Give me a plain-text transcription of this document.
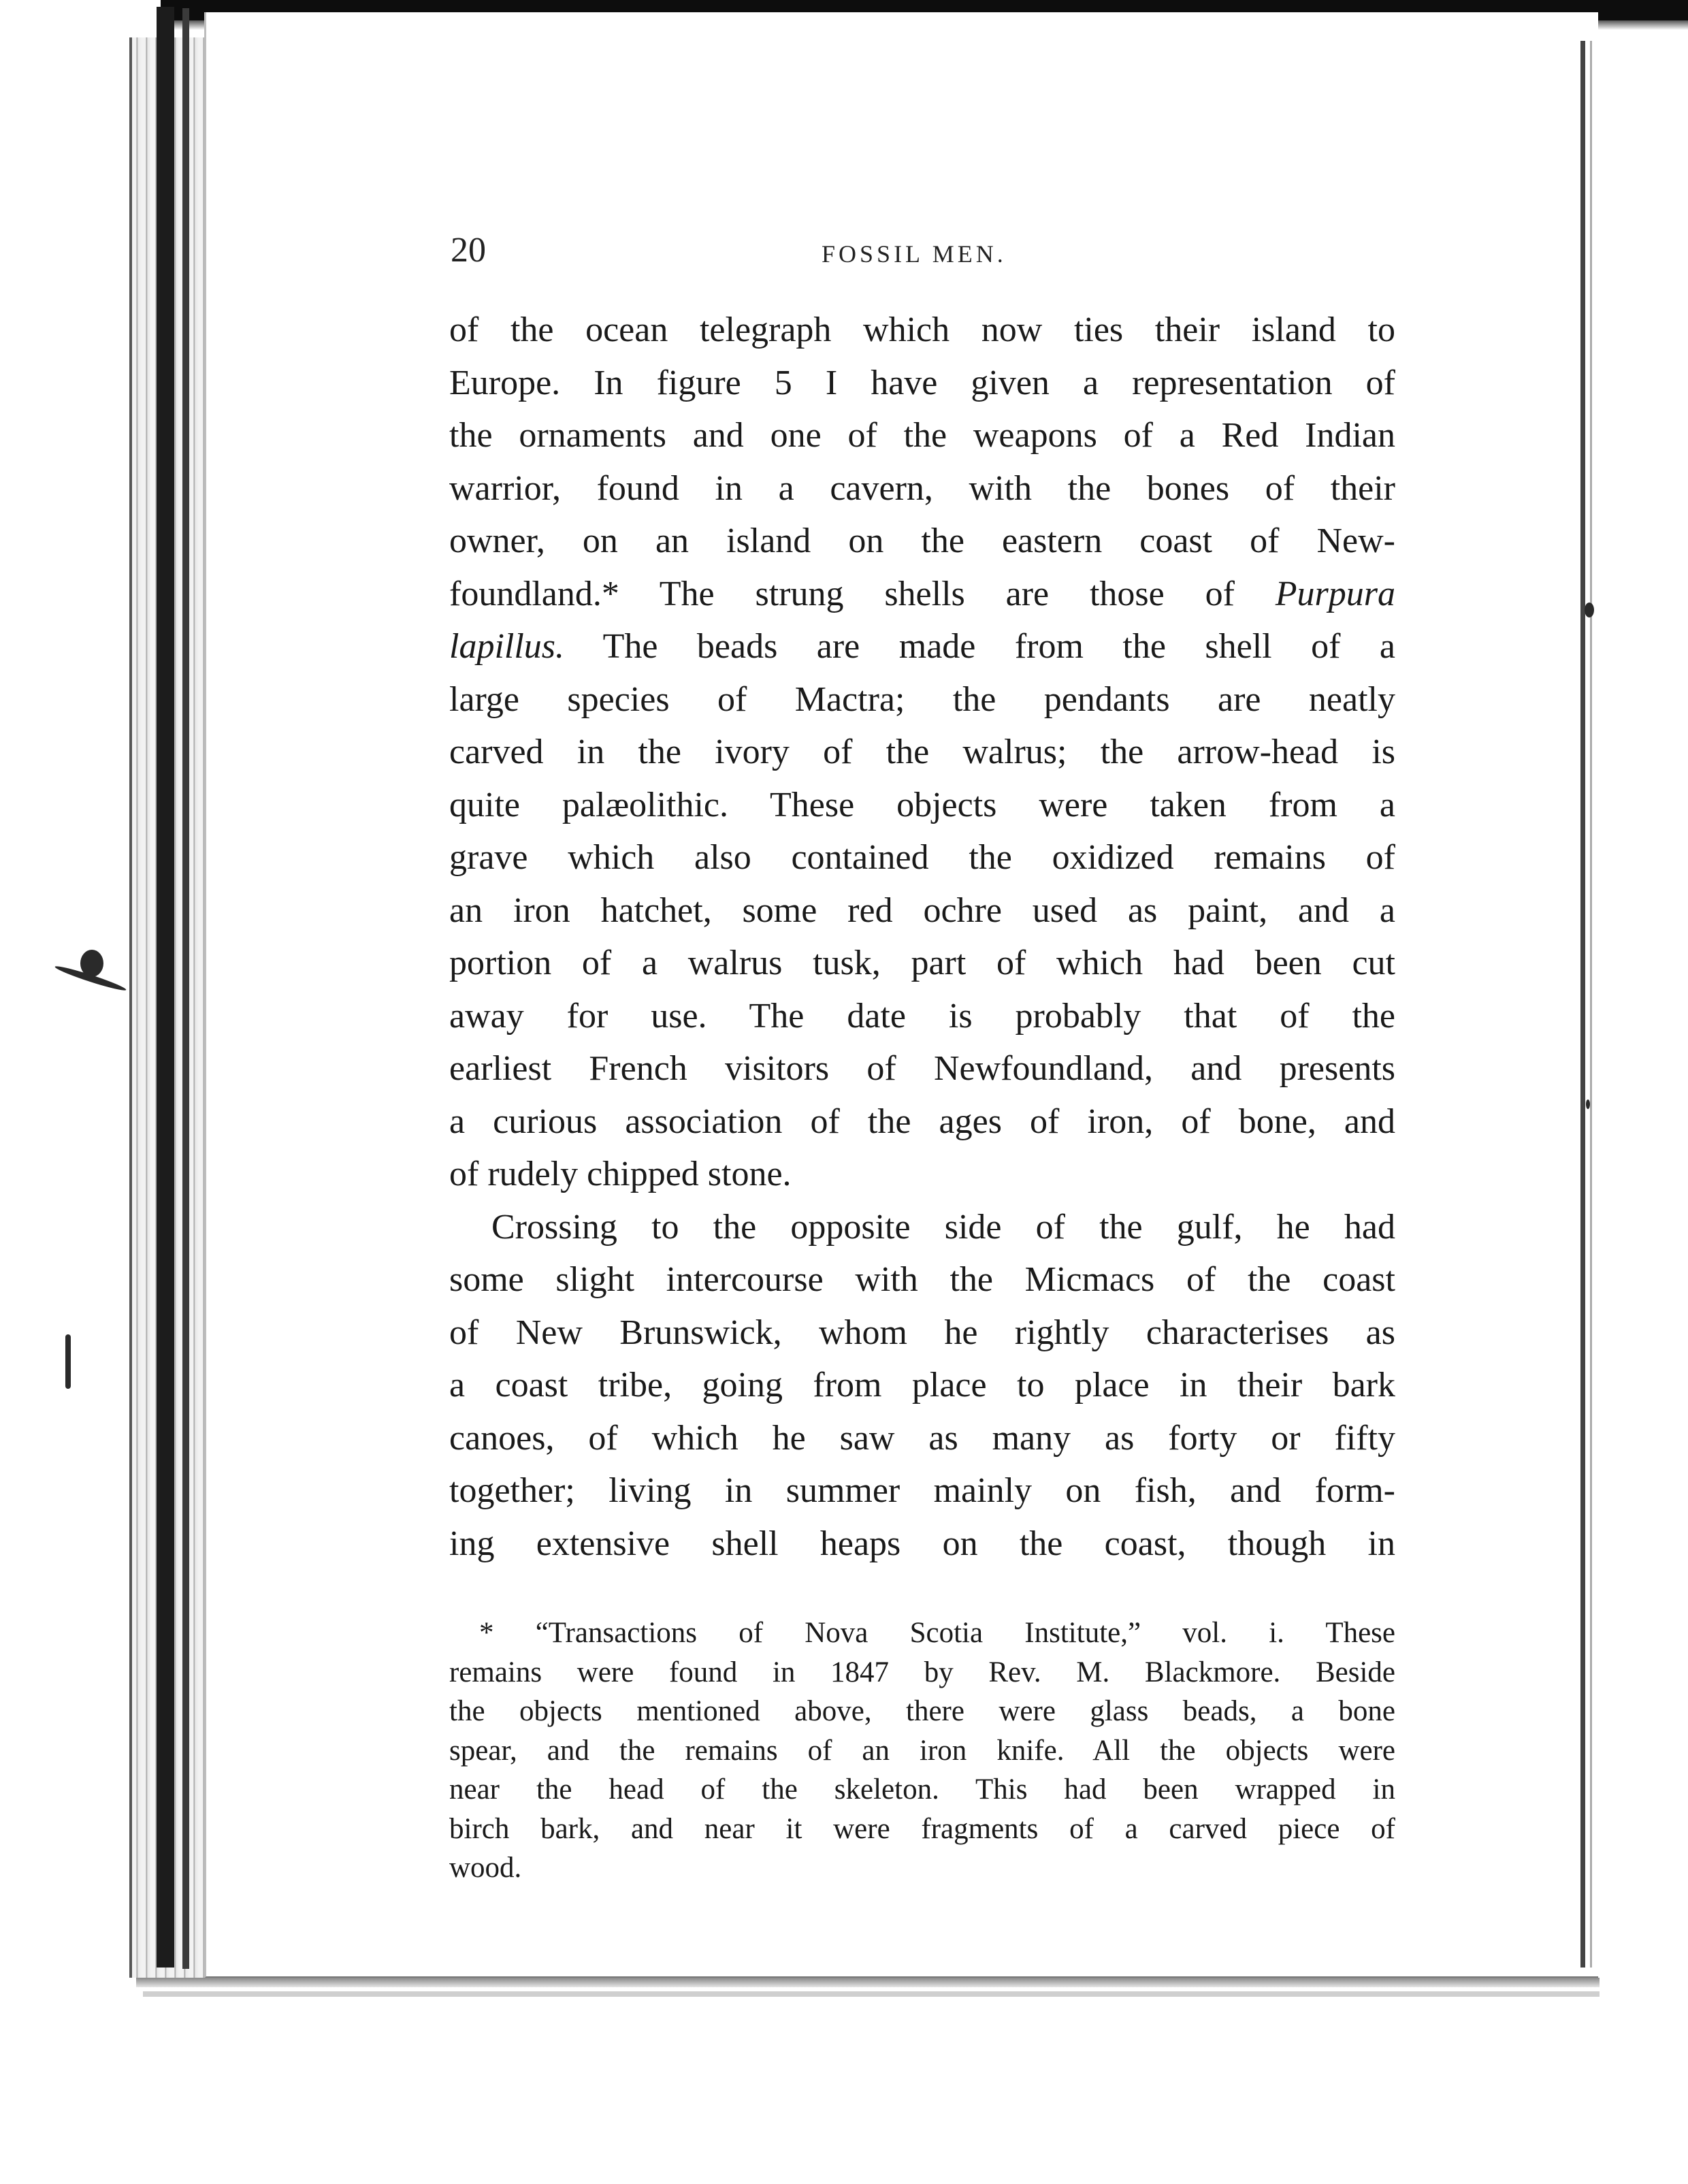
20	FOSSIL MEN.
of the ocean telegraph which now ties their island to
Europe. In figure 5 I have given a representation of
the ornaments and one of the weapons of a Red Indian
warrior, found in a cavern, with the bones of their
owner, on an island on the eastern coast of New-
foundland.* The strung shells are those of Purpura
lapillus. The beads are made from the shell of a
large species of Mactra; the pendants are neatly
carved in the ivory of the walrus; the arrow-head is
quite palæolithic. These objects were taken from a
grave which also contained the oxidized remains of
an iron hatchet, some red ochre used as paint, and a
portion of a walrus tusk, part of which had been cut
away for use. The date is probably that of the
earliest French visitors of Newfoundland, and presents
a curious association of the ages of iron, of bone, and
of rudely chipped stone.
Crossing to the opposite side of the gulf, he had
some slight intercourse with the Micmacs of the coast
of New Brunswick, whom he rightly characterises as
a coast tribe, going from place to place in their bark
canoes, of which he saw as many as forty or fifty
together; living in summer mainly on fish, and form-
ing extensive shell heaps on the coast, though in
* “Transactions of Nova Scotia Institute,” vol. i. These
remains were found in 1847 by Rev. M. Blackmore. Beside
the objects mentioned above, there were glass beads, a bone
spear, and the remains of an iron knife. All the objects were
near the head of the skeleton. This had been wrapped in
birch bark, and near it were fragments of a carved piece of
wood.
